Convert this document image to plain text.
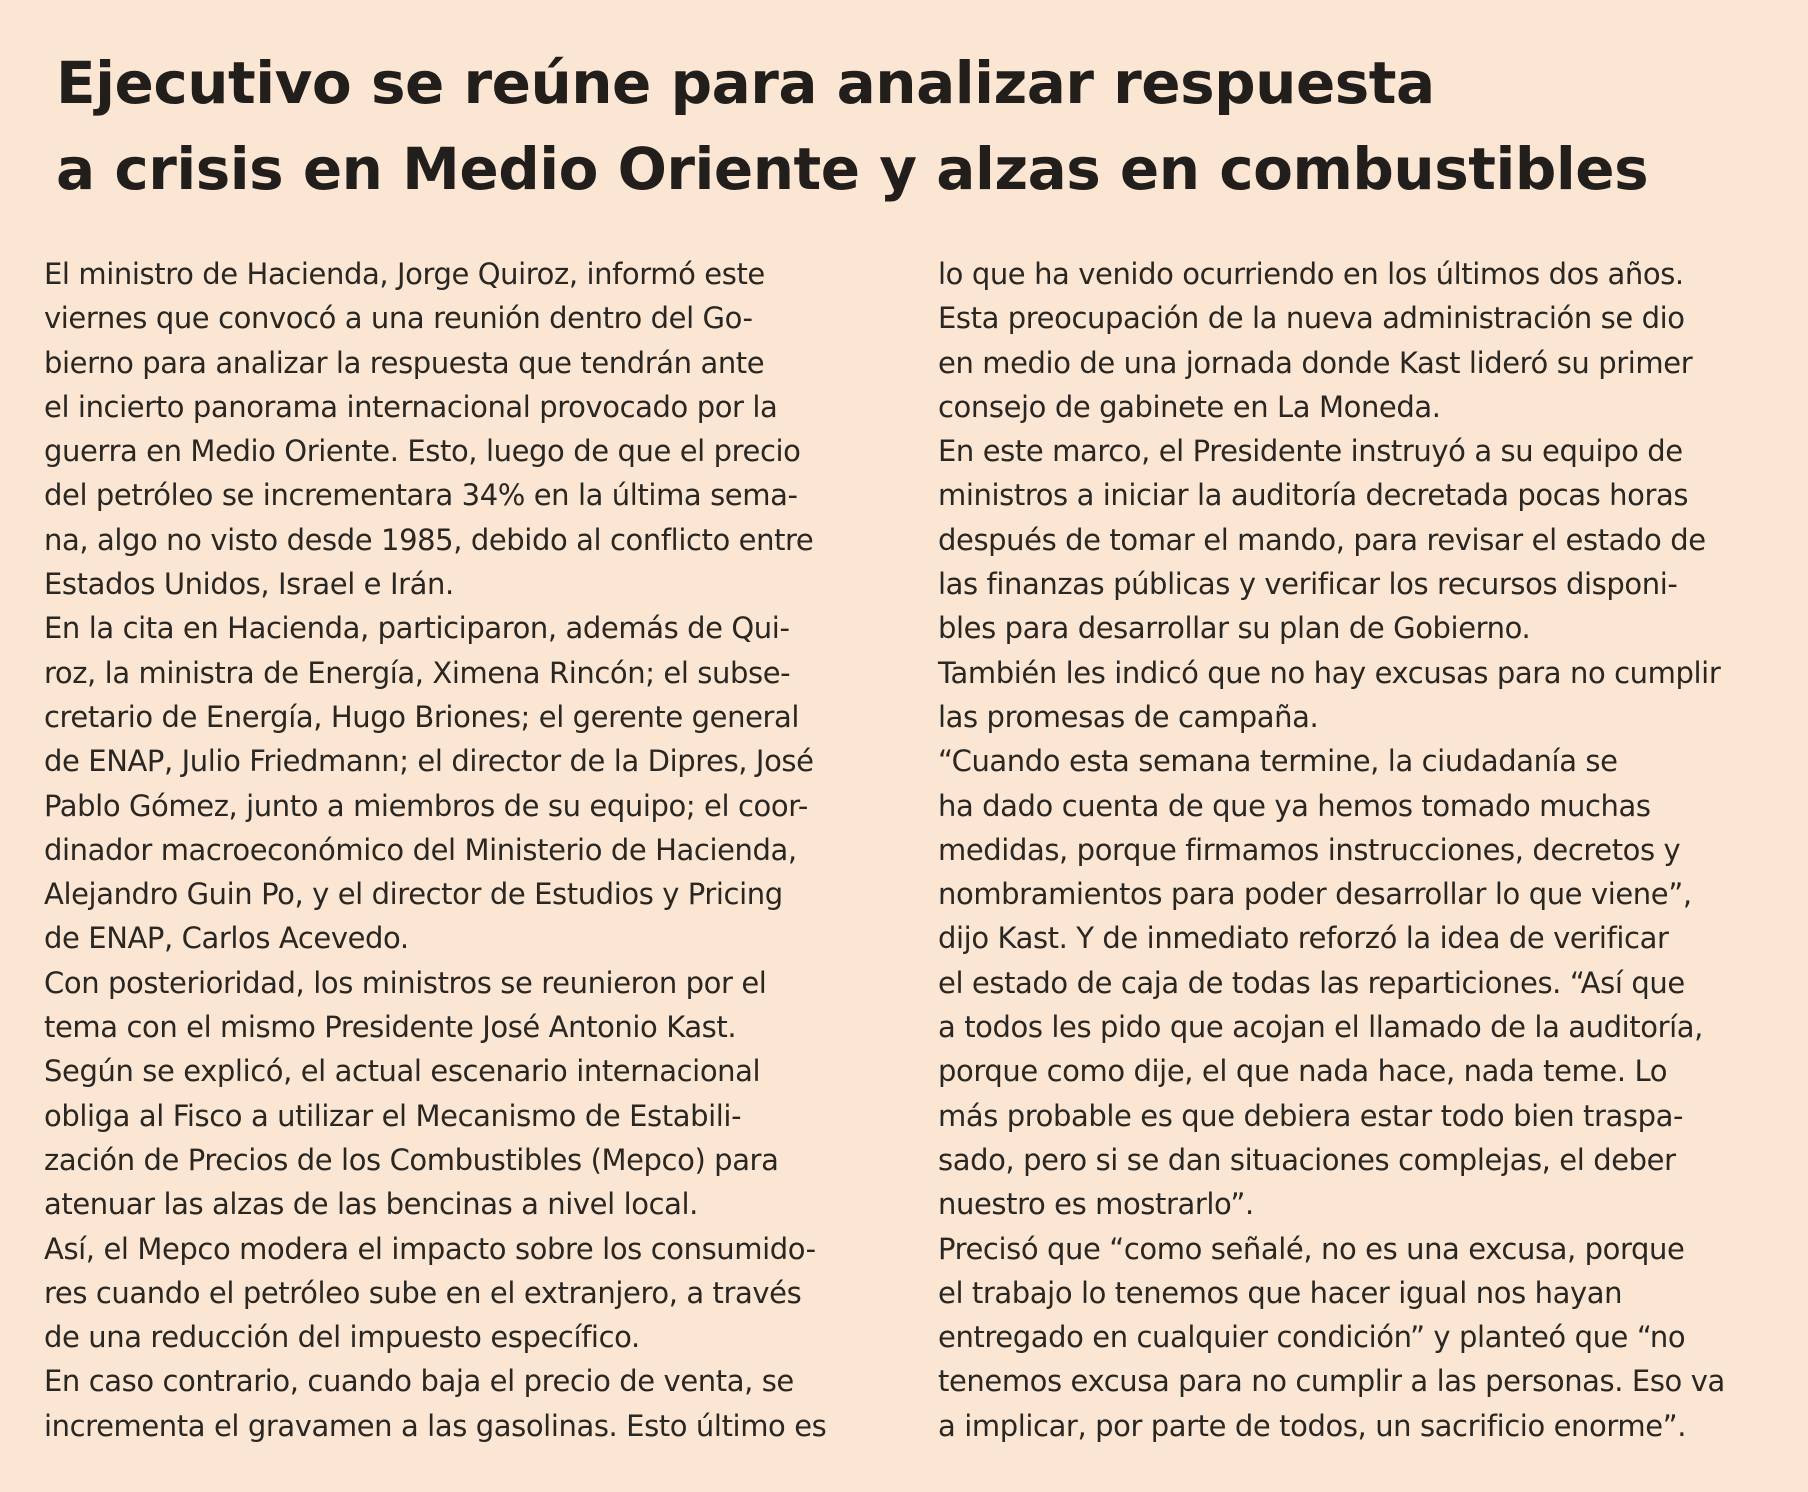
Ejecutivo se reúne para analizar respuesta
a crisis en Medio Oriente y alzas en combustibles
El ministro de Hacienda, Jorge Quiroz, informó este
viernes que convocó a una reunión dentro del Go-
bierno para analizar la respuesta que tendrán ante
el incierto panorama internacional provocado por la
guerra en Medio Oriente. Esto, luego de que el precio
del petróleo se incrementara 34% en la última sema-
na, algo no visto desde 1985, debido al conflicto entre
Estados Unidos, Israel e Irán.
En la cita en Hacienda, participaron, además de Qui-
roz, la ministra de Energía, Ximena Rincón; el subse-
cretario de Energía, Hugo Briones; el gerente general
de ENAP, Julio Friedmann; el director de la Dipres, José
Pablo Gómez, junto a miembros de su equipo; el coor-
dinador macroeconómico del Ministerio de Hacienda,
Alejandro Guin Po, y el director de Estudios y Pricing
de ENAP, Carlos Acevedo.
Con posterioridad, los ministros se reunieron por el
tema con el mismo Presidente José Antonio Kast.
Según se explicó, el actual escenario internacional
obliga al Fisco a utilizar el Mecanismo de Estabili-
zación de Precios de los Combustibles (Mepco) para
atenuar las alzas de las bencinas a nivel local.
Así, el Mepco modera el impacto sobre los consumido-
res cuando el petróleo sube en el extranjero, a través
de una reducción del impuesto específico.
En caso contrario, cuando baja el precio de venta, se
incrementa el gravamen a las gasolinas. Esto último es
lo que ha venido ocurriendo en los últimos dos años.
Esta preocupación de la nueva administración se dio
en medio de una jornada donde Kast lideró su primer
consejo de gabinete en La Moneda.
En este marco, el Presidente instruyó a su equipo de
ministros a iniciar la auditoría decretada pocas horas
después de tomar el mando, para revisar el estado de
las finanzas públicas y verificar los recursos disponi-
bles para desarrollar su plan de Gobierno.
También les indicó que no hay excusas para no cumplir
las promesas de campaña.
“Cuando esta semana termine, la ciudadanía se
ha dado cuenta de que ya hemos tomado muchas
medidas, porque firmamos instrucciones, decretos y
nombramientos para poder desarrollar lo que viene”,
dijo Kast. Y de inmediato reforzó la idea de verificar
el estado de caja de todas las reparticiones. “Así que
a todos les pido que acojan el llamado de la auditoría,
porque como dije, el que nada hace, nada teme. Lo
más probable es que debiera estar todo bien traspa-
sado, pero si se dan situaciones complejas, el deber
nuestro es mostrarlo”.
Precisó que “como señalé, no es una excusa, porque
el trabajo lo tenemos que hacer igual nos hayan
entregado en cualquier condición” y planteó que “no
tenemos excusa para no cumplir a las personas. Eso va
a implicar, por parte de todos, un sacrificio enorme”.
